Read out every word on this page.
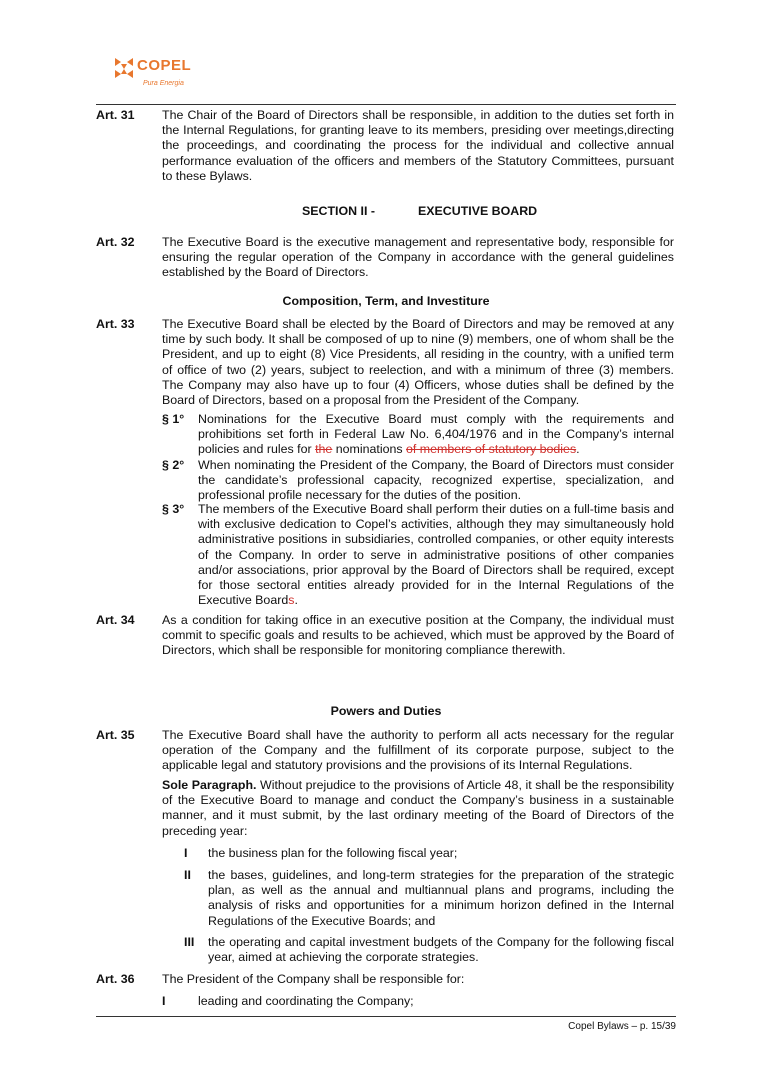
COPEL
Pura Energia
Art. 31	The Chair of the Board of Directors shall be responsible, in addition to the duties set forth in the Internal Regulations, for granting leave to its members, presiding over meetings,directing the proceedings, and coordinating the process for the individual and collective annual performance evaluation of the officers and members of the Statutory Committees, pursuant to these Bylaws.
SECTION II -	EXECUTIVE BOARD
Art. 32	The Executive Board is the executive management and representative body, responsible for ensuring the regular operation of the Company in accordance with the general guidelines established by the Board of Directors.
Composition, Term, and Investiture
Art. 33	The Executive Board shall be elected by the Board of Directors and may be removed at any time by such body. It shall be composed of up to nine (9) members, one of whom shall be the President, and up to eight (8) Vice Presidents, all residing in the country, with a unified term of office of two (2) years, subject to reelection, and with a minimum of three (3) members. The Company may also have up to four (4) Officers, whose duties shall be defined by the Board of Directors, based on a proposal from the President of the Company.
§ 1°	Nominations for the Executive Board must comply with the requirements and prohibitions set forth in Federal Law No. 6,404/1976 and in the Company’s internal policies and rules for the nominations of members of statutory bodies.
§ 2°	When nominating the President of the Company, the Board of Directors must consider the candidate’s professional capacity, recognized expertise, specialization, and professional profile necessary for the duties of the position.
§ 3°	The members of the Executive Board shall perform their duties on a full-time basis and with exclusive dedication to Copel’s activities, although they may simultaneously hold administrative positions in subsidiaries, controlled companies, or other equity interests of the Company. In order to serve in administrative positions of other companies and/or associations, prior approval by the Board of Directors shall be required, except for those sectoral entities already provided for in the Internal Regulations of the Executive Boards.
Art. 34	As a condition for taking office in an executive position at the Company, the individual must commit to specific goals and results to be achieved, which must be approved by the Board of Directors, which shall be responsible for monitoring compliance therewith.
Powers and Duties
Art. 35	The Executive Board shall have the authority to perform all acts necessary for the regular operation of the Company and the fulfillment of its corporate purpose, subject to the applicable legal and statutory provisions and the provisions of its Internal Regulations.
Sole Paragraph. Without prejudice to the provisions of Article 48, it shall be the responsibility of the Executive Board to manage and conduct the Company’s business in a sustainable manner, and it must submit, by the last ordinary meeting of the Board of Directors of the preceding year:
I	the business plan for the following fiscal year;
II	the bases, guidelines, and long-term strategies for the preparation of the strategic plan, as well as the annual and multiannual plans and programs, including the analysis of risks and opportunities for a minimum horizon defined in the Internal Regulations of the Executive Boards; and
III	the operating and capital investment budgets of the Company for the following fiscal year, aimed at achieving the corporate strategies.
Art. 36	The President of the Company shall be responsible for:
I	leading and coordinating the Company;
Copel Bylaws – p. 15/39
